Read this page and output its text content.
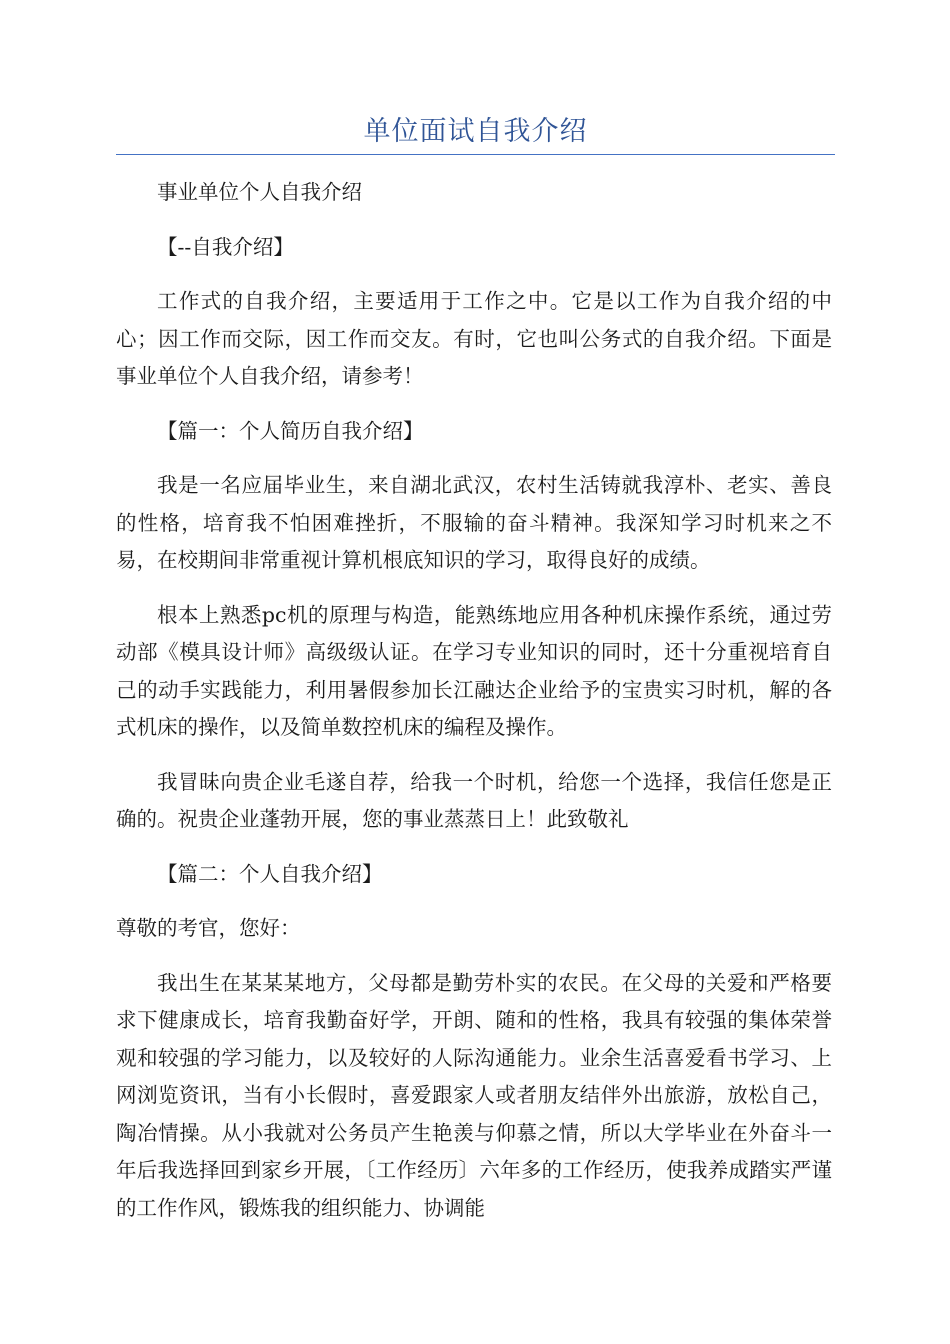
单位面试自我介绍

事业单位个人自我介绍

【--自我介绍】

工作式的自我介绍，主要适用于工作之中。它是以工作为自我介绍的中心；因工作而交际，因工作而交友。有时，它也叫公务式的自我介绍。下面是事业单位个人自我介绍，请参考！

【篇一：个人简历自我介绍】

我是一名应届毕业生，来自湖北武汉，农村生活铸就我淳朴、老实、善良的性格，培育我不怕困难挫折，不服输的奋斗精神。我深知学习时机来之不易，在校期间非常重视计算机根底知识的学习，取得良好的成绩。

根本上熟悉pc机的原理与构造，能熟练地应用各种机床操作系统，通过劳动部《模具设计师》高级级认证。在学习专业知识的同时，还十分重视培育自己的动手实践能力，利用暑假参加长江融达企业给予的宝贵实习时机，解的各式机床的操作，以及简单数控机床的编程及操作。

我冒昧向贵企业毛遂自荐，给我一个时机，给您一个选择，我信任您是正确的。祝贵企业蓬勃开展，您的事业蒸蒸日上！此致敬礼

【篇二：个人自我介绍】

尊敬的考官，您好：

我出生在某某某地方，父母都是勤劳朴实的农民。在父母的关爱和严格要求下健康成长，培育我勤奋好学，开朗、随和的性格，我具有较强的集体荣誉观和较强的学习能力，以及较好的人际沟通能力。业余生活喜爱看书学习、上网浏览资讯，当有小长假时，喜爱跟家人或者朋友结伴外出旅游，放松自己，陶冶情操。从小我就对公务员产生艳羡与仰慕之情，所以大学毕业在外奋斗一年后我选择回到家乡开展，〔工作经历〕六年多的工作经历，使我养成踏实严谨的工作作风，锻炼我的组织能力、协调能
